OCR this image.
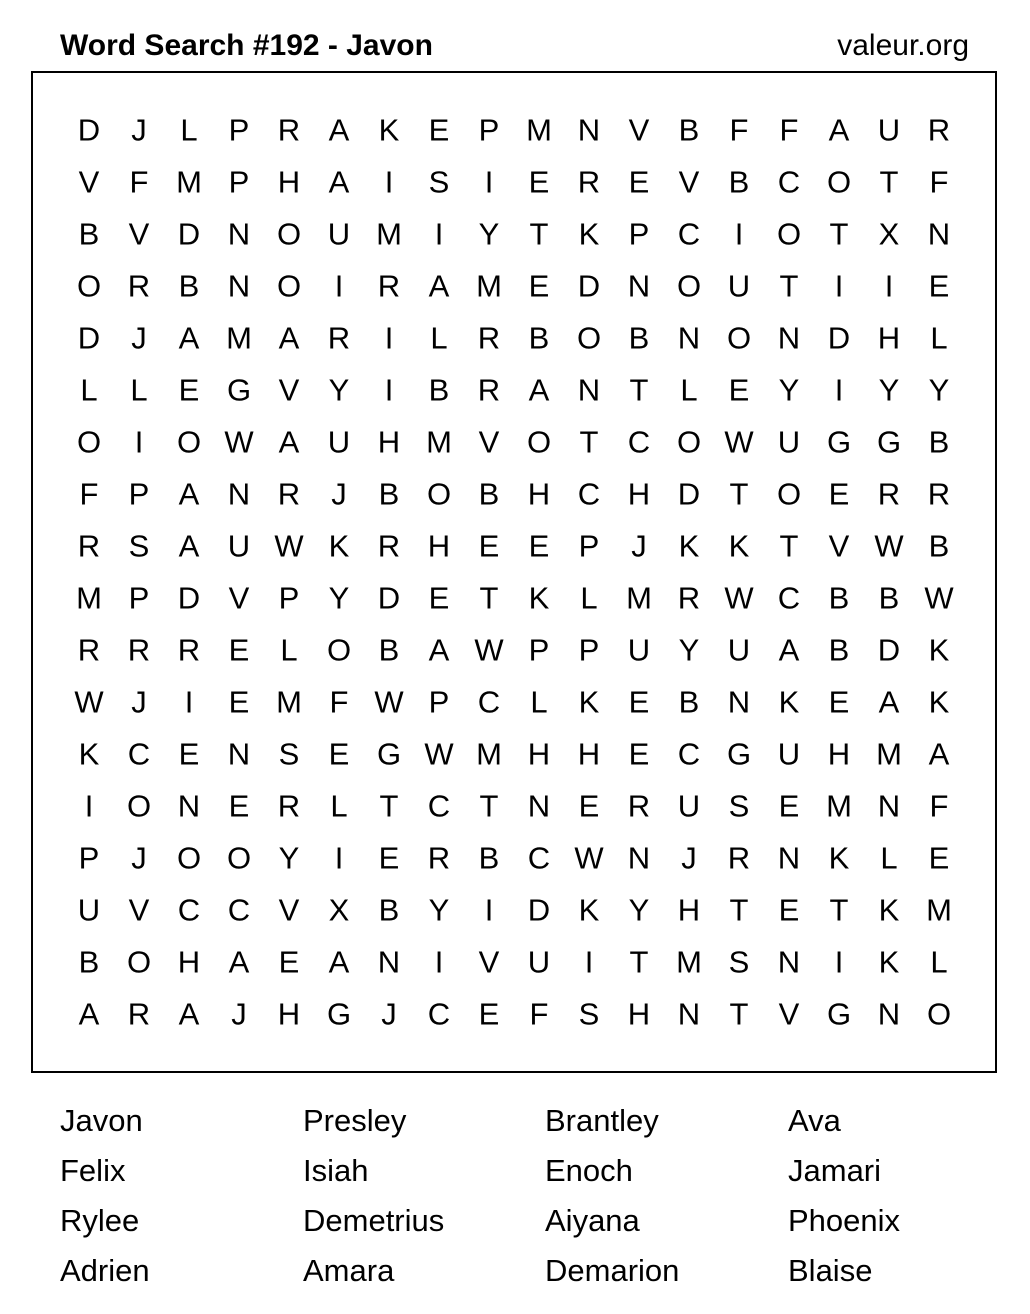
Word Search #192 - Javon	valeur.org
D	J	L	P R A K E P M N V B F	F A U R
V F M P H A	I	S	I	E R E V B C O T	F
B V D N O U M	I	Y T K P C	I	O T X N
O R B N O	I	R A M E D N O U T	I	I	E
D	J	A M A R	I	L R B O B N O N D H L
L	L	E G V Y	I	B R A N T	L	E Y	I	Y Y
O	I	O W A U H M V O T C O W U G G B
F P A N R	J	B O B H C H D T O E R R
R S A U W K R H E E P	J	K K T V W B
M P D V P Y D E T K	L M R W C B B W
R R R E	L O B A W P P U Y U A B D K
W J	I	E M F W P C L	K E B N K E A K
K C E N S E G W M H H E C G U H M A
I	O N E R L	T C T N E R U S E M N F
P	J O O Y	I	E R B C W N	J	R N K	L	E
U V C C V X B Y	I	D K Y H T E T K M
B O H A E A N	I	V U	I	T M S N	I	K	L
A R A	J	H G J	C E F S H N T V G N O
Javon	Presley	Brantley	Ava
Felix	Isiah	Enoch	Jamari
Rylee	Demetrius	Aiyana	Phoenix
Adrien	Amara	Demarion	Blaise
